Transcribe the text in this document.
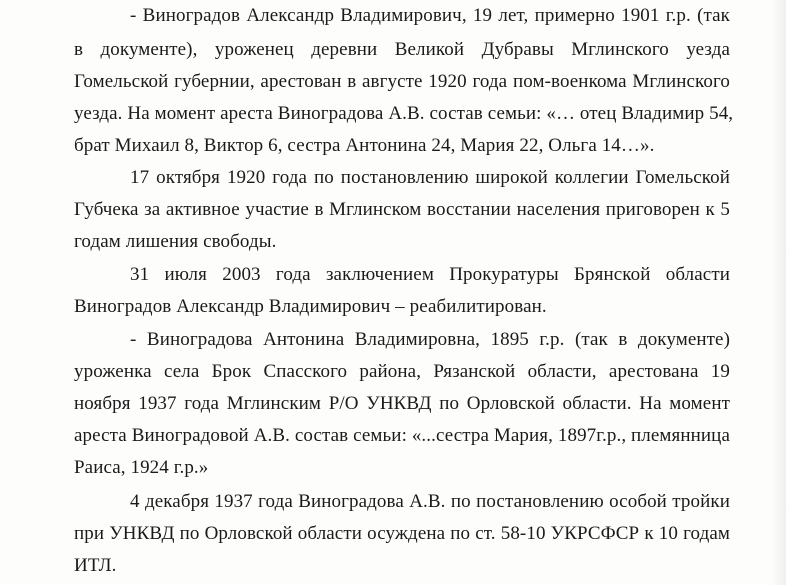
- Виноградов Александр Владимирович, 19 лет, примерно 1901 г.р. (так
в документе), уроженец деревни Великой Дубравы Мглинского уезда
Гомельской губернии, арестован в августе 1920 года пом-военкома Мглинского
уезда. На момент ареста Виноградова А.В. состав семьи: «… отец Владимир 54,
брат Михаил 8, Виктор 6, сестра Антонина 24, Мария 22, Ольга 14…».
17 октября 1920 года по постановлению широкой коллегии Гомельской
Губчека за активное участие в Мглинском восстании населения приговорен к 5
годам лишения свободы.
31 июля 2003 года заключением Прокуратуры Брянской области
Виноградов Александр Владимирович – реабилитирован.
- Виноградова Антонина Владимировна, 1895 г.р. (так в документе)
уроженка села Брок Спасского района, Рязанской области, арестована 19
ноября 1937 года Мглинским Р/О УНКВД по Орловской области. На момент
ареста Виноградовой А.В. состав семьи: «...сестра Мария, 1897г.р., племянница
Раиса, 1924 г.р.»
4 декабря 1937 года Виноградова А.В. по постановлению особой тройки
при УНКВД по Орловской области осуждена по ст. 58-10 УКРСФСР к 10 годам
ИТЛ.
